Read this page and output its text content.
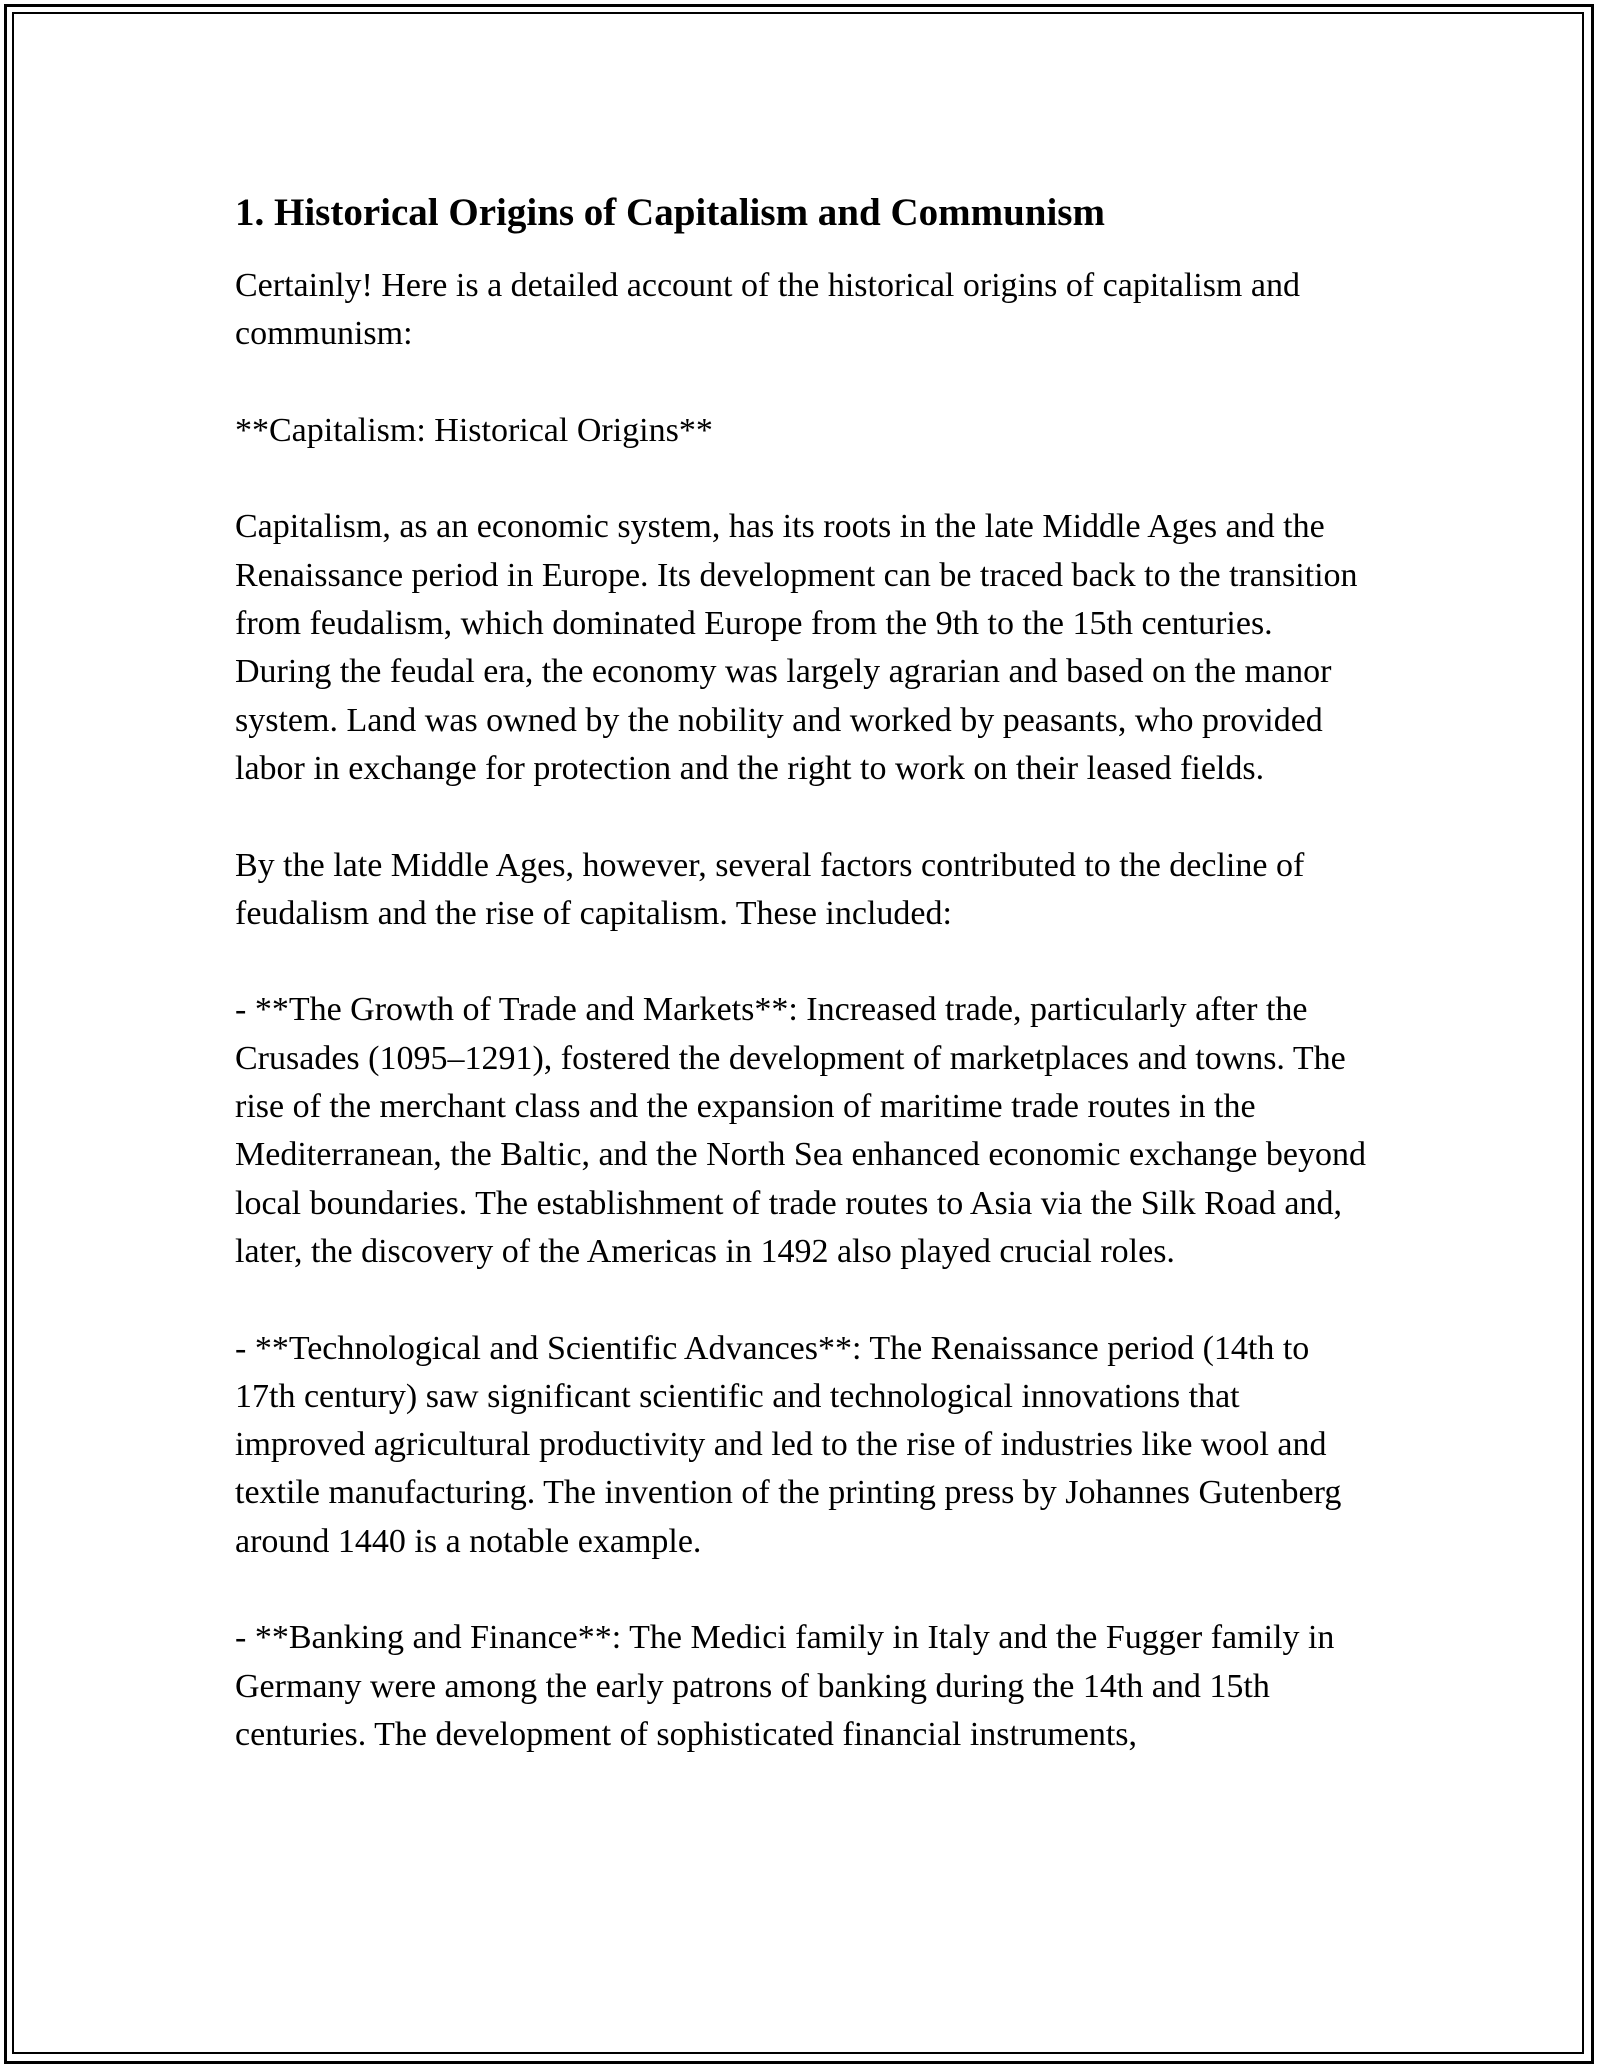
1. Historical Origins of Capitalism and Communism

Certainly! Here is a detailed account of the historical origins of capitalism and communism:

**Capitalism: Historical Origins**

Capitalism, as an economic system, has its roots in the late Middle Ages and the Renaissance period in Europe. Its development can be traced back to the transition from feudalism, which dominated Europe from the 9th to the 15th centuries. During the feudal era, the economy was largely agrarian and based on the manor system. Land was owned by the nobility and worked by peasants, who provided labor in exchange for protection and the right to work on their leased fields.

By the late Middle Ages, however, several factors contributed to the decline of feudalism and the rise of capitalism. These included:

- **The Growth of Trade and Markets**: Increased trade, particularly after the Crusades (1095–1291), fostered the development of marketplaces and towns. The rise of the merchant class and the expansion of maritime trade routes in the Mediterranean, the Baltic, and the North Sea enhanced economic exchange beyond local boundaries. The establishment of trade routes to Asia via the Silk Road and, later, the discovery of the Americas in 1492 also played crucial roles.

- **Technological and Scientific Advances**: The Renaissance period (14th to 17th century) saw significant scientific and technological innovations that improved agricultural productivity and led to the rise of industries like wool and textile manufacturing. The invention of the printing press by Johannes Gutenberg around 1440 is a notable example.

- **Banking and Finance**: The Medici family in Italy and the Fugger family in Germany were among the early patrons of banking during the 14th and 15th centuries. The development of sophisticated financial instruments,
